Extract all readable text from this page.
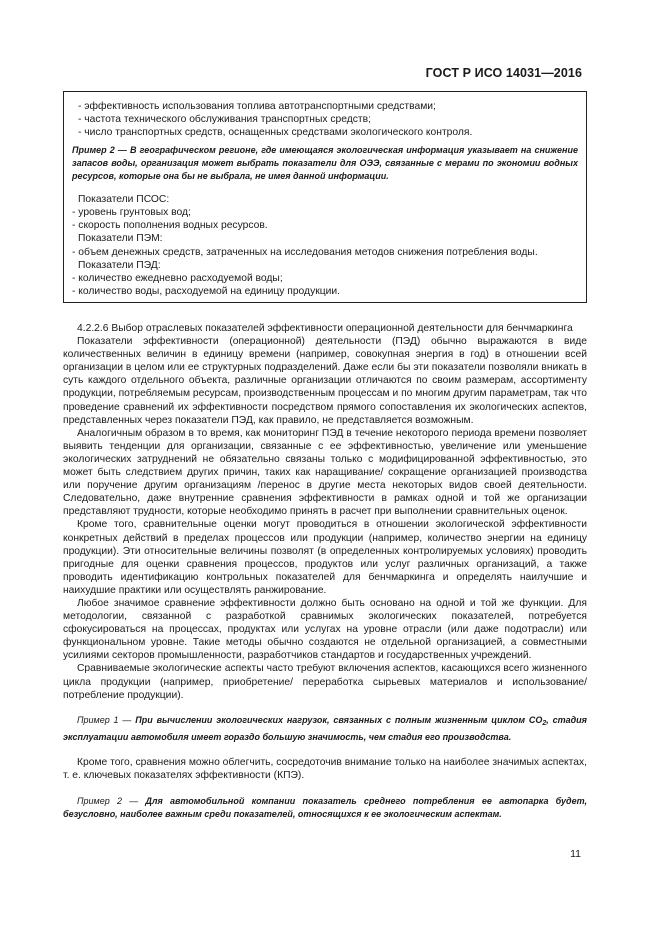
ГОСТ Р ИСО 14031—2016

- эффективность использования топлива автотранспортными средствами;

- частота технического обслуживания транспортных средств;

- число транспортных средств, оснащенных средствами экологического контроля.

Пример 2 — В географическом регионе, где имеющаяся экологическая информация указывает на снижение запасов воды, организация может выбрать показатели для ОЭЭ, связанные с мерами по экономии водных ресурсов, которые она бы не выбрала, не имея данной информации.

Показатели ПСОС:

- уровень грунтовых вод;

- скорость пополнения водных ресурсов.

Показатели ПЭМ:

- объем денежных средств, затраченных на исследования методов снижения потребления воды.

Показатели ПЭД:

- количество ежедневно расходуемой воды;

- количество воды, расходуемой на единицу продукции.

4.2.2.6 Выбор отраслевых показателей эффективности операционной деятельности для бенчмаркинга

Показатели эффективности (операционной) деятельности (ПЭД) обычно выражаются в виде количественных величин в единицу времени (например, совокупная энергия в год) в отношении всей организации в целом или ее структурных подразделений. Даже если бы эти показатели позволяли вникать в суть каждого отдельного объекта, различные организации отличаются по своим размерам, ассортименту продукции, потребляемым ресурсам, производственным процессам и по многим другим параметрам, так что проведение сравнений их эффективности посредством прямого сопоставления их экологических аспектов, представленных через показатели ПЭД, как правило, не представляется возможным.

Аналогичным образом в то время, как мониторинг ПЭД в течение некоторого периода времени позволяет выявить тенденции для организации, связанные с ее эффективностью, увеличение или уменьшение экологических затруднений не обязательно связаны только с модифицированной эффективностью, это может быть следствием других причин, таких как наращивание/ сокращение организацией производства или поручение другим организациям /перенос в другие места некоторых видов своей деятельности. Следовательно, даже внутренние сравнения эффективности в рамках одной и той же организации представляют трудности, которые необходимо принять в расчет при выполнении сравнительных оценок.

Кроме того, сравнительные оценки могут проводиться в отношении экологической эффективности конкретных действий в пределах процессов или продукции (например, количество энергии на единицу продукции). Эти относительные величины позволят (в определенных контролируемых условиях) проводить пригодные для оценки сравнения процессов, продуктов или услуг различных организаций, а также проводить идентификацию контрольных показателей для бенчмаркинга и определять наилучшие и наихудшие практики или осуществлять ранжирование.

Любое значимое сравнение эффективности должно быть основано на одной и той же функции. Для методологии, связанной с разработкой сравнимых экологических показателей, потребуется сфокусироваться на процессах, продуктах или услугах на уровне отрасли (или даже подотрасли) или функциональном уровне. Такие методы обычно создаются не отдельной организацией, а совместными усилиями секторов промышленности, разработчиков стандартов и государственных учреждений.

Сравниваемые экологические аспекты часто требуют включения аспектов, касающихся всего жизненного цикла продукции (например, приобретение/ переработка сырьевых материалов и использование/потребление продукции).

Пример 1 — При вычислении экологических нагрузок, связанных с полным жизненным циклом $CO_2$, стадия эксплуатации автомобиля имеет гораздо большую значимость, чем стадия его производства.

Кроме того, сравнения можно облегчить, сосредоточив внимание только на наиболее значимых аспектах, т. е. ключевых показателях эффективности (КПЭ).

Пример 2 — Для автомобильной компании показатель среднего потребления ее автопарка будет, безусловно, наиболее важным среди показателей, относящихся к ее экологическим аспектам.

11
